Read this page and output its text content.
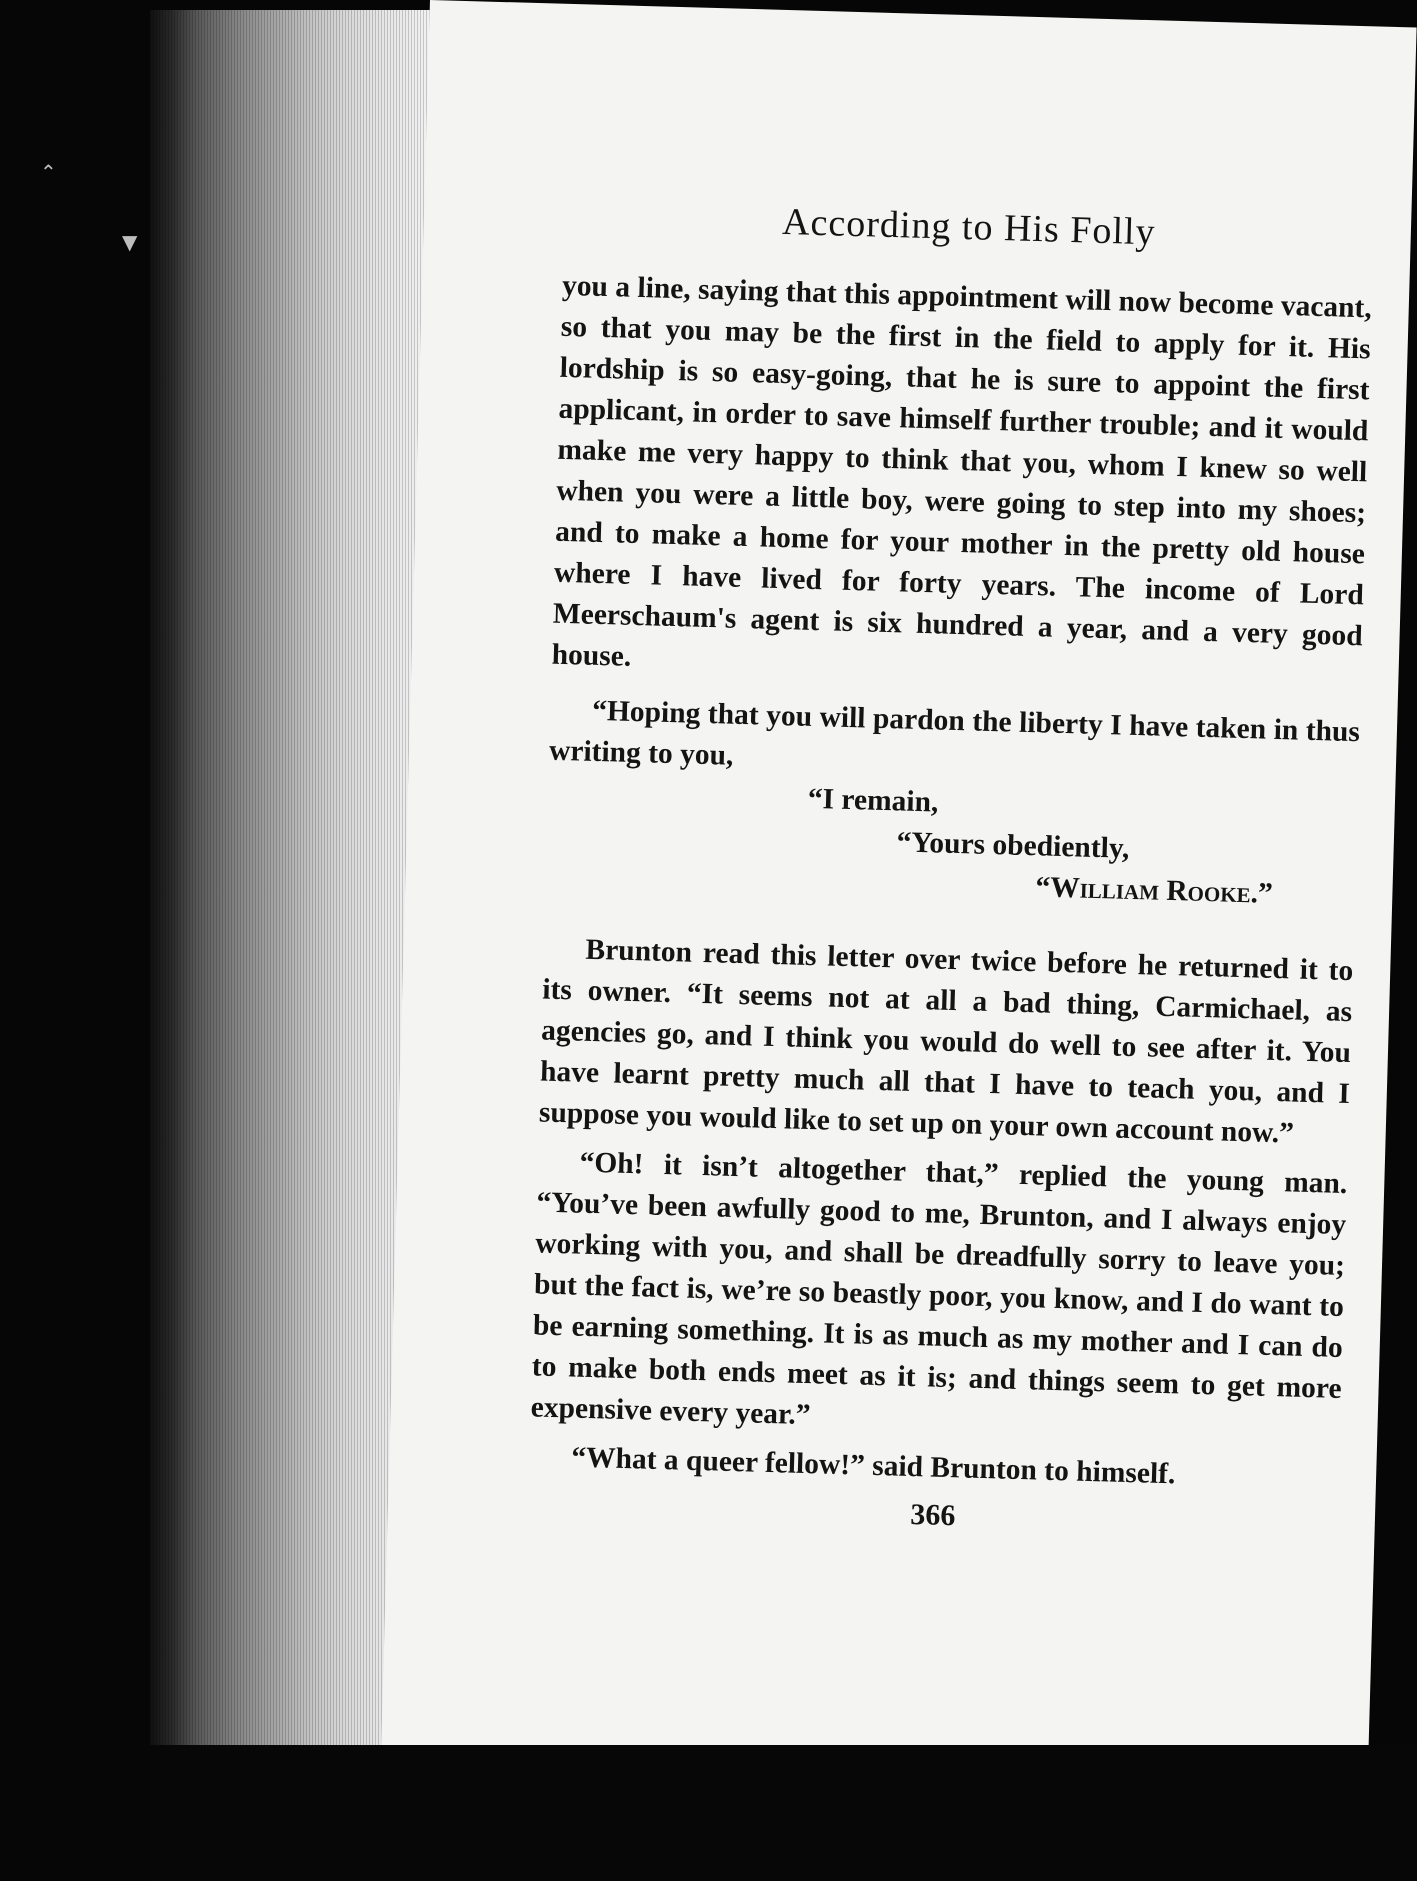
⌃
▼	According to His Folly

you a line, saying that this appointment will now become vacant, so that you may be the first in the field to apply for it. His lordship is so easy-going, that he is sure to appoint the first applicant, in order to save himself further trouble; and it would make me very happy to think that you, whom I knew so well when you were a little boy, were going to step into my shoes; and to make a home for your mother in the pretty old house where I have lived for forty years. The income of Lord Meerschaum's agent is six hundred a year, and a very good house.

“Hoping that you will pardon the liberty I have taken in thus writing to you,

“I remain,

“Yours obediently,

“William Rooke.”

Brunton read this letter over twice before he returned it to its owner. “It seems not at all a bad thing, Carmichael, as agencies go, and I think you would do well to see after it. You have learnt pretty much all that I have to teach you, and I suppose you would like to set up on your own account now.”

“Oh! it isn’t altogether that,” replied the young man. “You’ve been awfully good to me, Brunton, and I always enjoy working with you, and shall be dreadfully sorry to leave you; but the fact is, we’re so beastly poor, you know, and I do want to be earning something. It is as much as my mother and I can do to make both ends meet as it is; and things seem to get more expensive every year.”

“What a queer fellow!” said Brunton to himself.

366
